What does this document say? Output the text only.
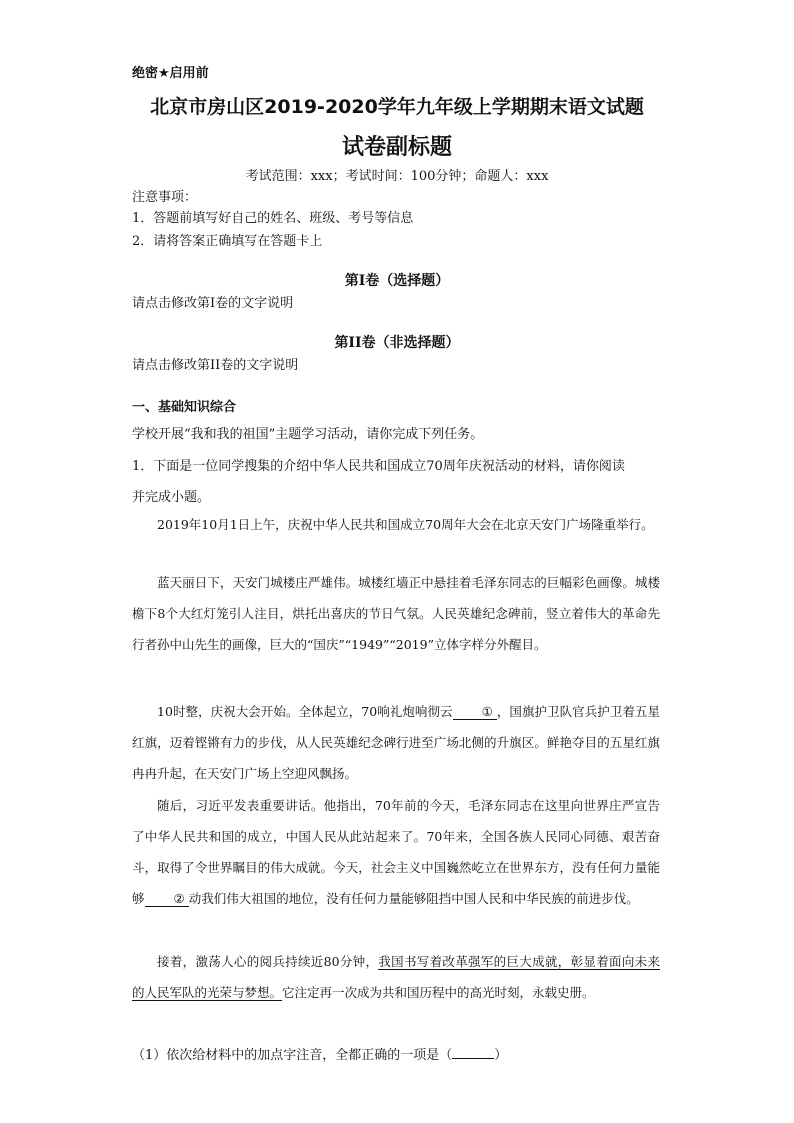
绝密★启用前
北京市房山区2019-2020学年九年级上学期期末语文试题
试卷副标题
考试范围：xxx；考试时间：100分钟；命题人：xxx
注意事项：
1．答题前填写好自己的姓名、班级、考号等信息
2．请将答案正确填写在答题卡上
第I卷（选择题）
请点击修改第I卷的文字说明
第II卷（非选择题）
请点击修改第II卷的文字说明
一、基础知识综合
学校开展“我和我的祖国”主题学习活动，请你完成下列任务。
1．下面是一位同学搜集的介绍中华人民共和国成立70周年庆祝活动的材料，请你阅读
并完成小题。
2019年10月1日上午，庆祝中华人民共和国成立70周年大会在北京天安门广场隆重举行。
蓝天丽日下，天安门城楼庄严雄伟。城楼红墙正中悬挂着毛泽东同志的巨幅彩色画像。城楼檐下8个大红灯笼引人注目，烘托出喜庆的节日气氛。人民英雄纪念碑前，竖立着伟大的革命先行者孙中山先生的画像，巨大的“国庆”“1949”“2019”立体字样分外醒目。
10时整，庆祝大会开始。全体起立，70响礼炮响彻云 ① ，国旗护卫队官兵护卫着五星红旗，迈着铿锵有力的步伐，从人民英雄纪念碑行进至广场北侧的升旗区。鲜艳夺目的五星红旗冉冉升起，在天安门广场上空迎风飘扬。
随后，习近平发表重要讲话。他指出，70年前的今天，毛泽东同志在这里向世界庄严宣告了中华人民共和国的成立，中国人民从此站起来了。70年来，全国各族人民同心同德、艰苦奋斗，取得了令世界瞩目的伟大成就。今天，社会主义中国巍然屹立在世界东方，没有任何力量能够 ② 动我们伟大祖国的地位，没有任何力量能够阻挡中国人民和中华民族的前进步伐。
接着，激荡人心的阅兵持续近80分钟，我国书写着改革强军的巨大成就，彰显着面向未来的人民军队的光荣与梦想。它注定再一次成为共和国历程中的高光时刻，永载史册。
（1）依次给材料中的加点字注音，全都正确的一项是（	）
